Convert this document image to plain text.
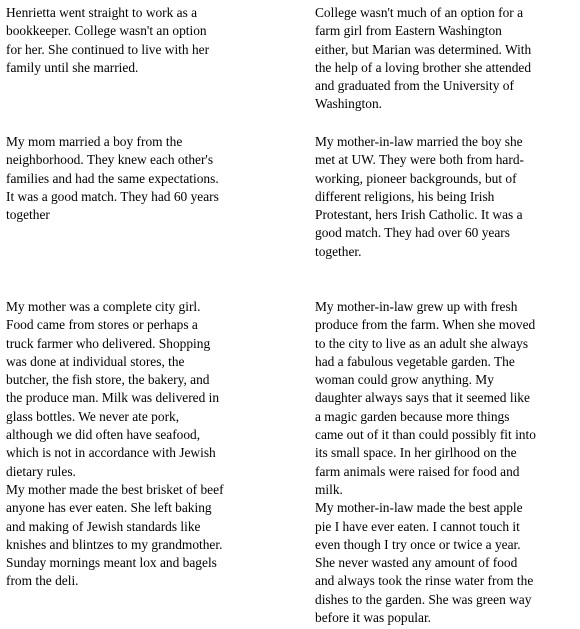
Henrietta went straight to work as a
bookkeeper. College wasn't an option
for her. She continued to live with her
family until she married.
My mom married a boy from the
neighborhood. They knew each other's
families and had the same expectations.
It was a good match. They had 60 years
together
My mother was a complete city girl.
Food came from stores or perhaps a
truck farmer who delivered. Shopping
was done at individual stores, the
butcher, the fish store, the bakery, and
the produce man. Milk was delivered in
glass bottles. We never ate pork,
although we did often have seafood,
which is not in accordance with Jewish
dietary rules.
My mother made the best brisket of beef
anyone has ever eaten. She left baking
and making of Jewish standards like
knishes and blintzes to my grandmother.
Sunday mornings meant lox and bagels
from the deli.
College wasn't much of an option for a
farm girl from Eastern Washington
either, but Marian was determined. With
the help of a loving brother she attended
and graduated from the University of
Washington.
My mother-in-law married the boy she
met at UW. They were both from hard-
working, pioneer backgrounds, but of
different religions, his being Irish
Protestant, hers Irish Catholic. It was a
good match. They had over 60 years
together.
My mother-in-law grew up with fresh
produce from the farm. When she moved
to the city to live as an adult she always
had a fabulous vegetable garden. The
woman could grow anything. My
daughter always says that it seemed like
a magic garden because more things
came out of it than could possibly fit into
its small space. In her girlhood on the
farm animals were raised for food and
milk.
My mother-in-law made the best apple
pie I have ever eaten. I cannot touch it
even though I try once or twice a year.
She never wasted any amount of food
and always took the rinse water from the
dishes to the garden. She was green way
before it was popular.
